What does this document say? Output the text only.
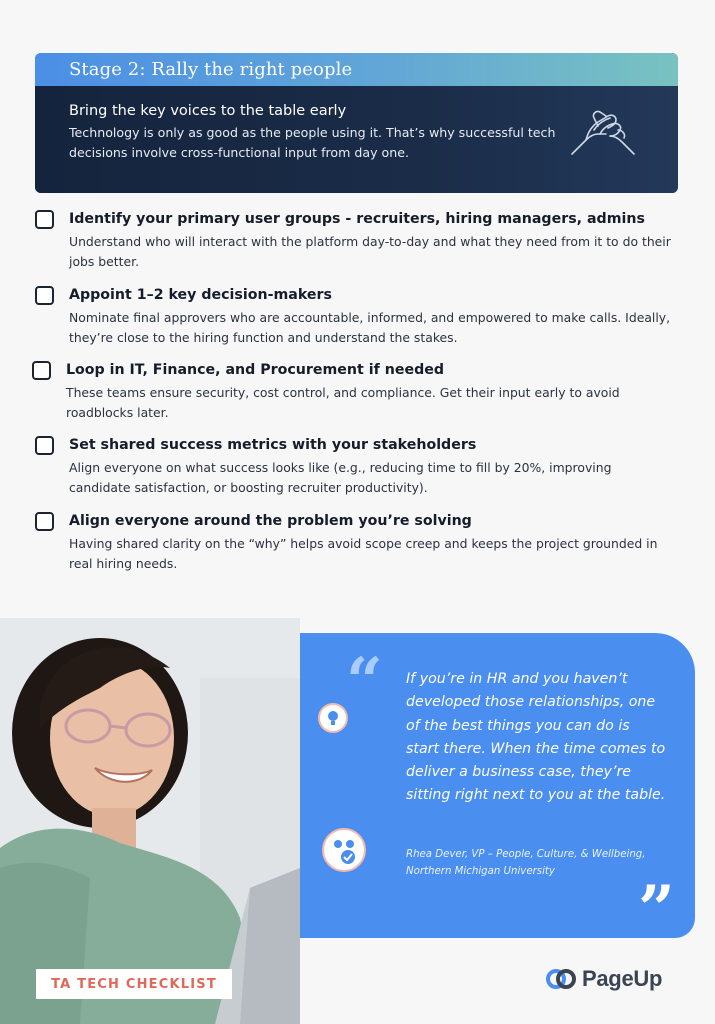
Stage 2: Rally the right people
Bring the key voices to the table early
Technology is only as good as the people using it. That’s why successful tech decisions involve cross-functional input from day one.
Identify your primary user groups - recruiters, hiring managers, admins
Understand who will interact with the platform day-to-day and what they need from it to do their jobs better.
Appoint 1–2 key decision-makers
Nominate final approvers who are accountable, informed, and empowered to make calls. Ideally, they’re close to the hiring function and understand the stakes.
Loop in IT, Finance, and Procurement if needed
These teams ensure security, cost control, and compliance. Get their input early to avoid roadblocks later.
Set shared success metrics with your stakeholders
Align everyone on what success looks like (e.g., reducing time to fill by 20%, improving candidate satisfaction, or boosting recruiter productivity).
Align everyone around the problem you’re solving
Having shared clarity on the “why” helps avoid scope creep and keeps the project grounded in real hiring needs.
“ If you’re in HR and you haven’t developed those relationships, one of the best things you can do is start there. When the time comes to deliver a business case, they’re sitting right next to you at the table.
Rhea Dever, VP – People, Culture, & Wellbeing, Northern Michigan University
”
TA TECH CHECKLIST	PageUp
